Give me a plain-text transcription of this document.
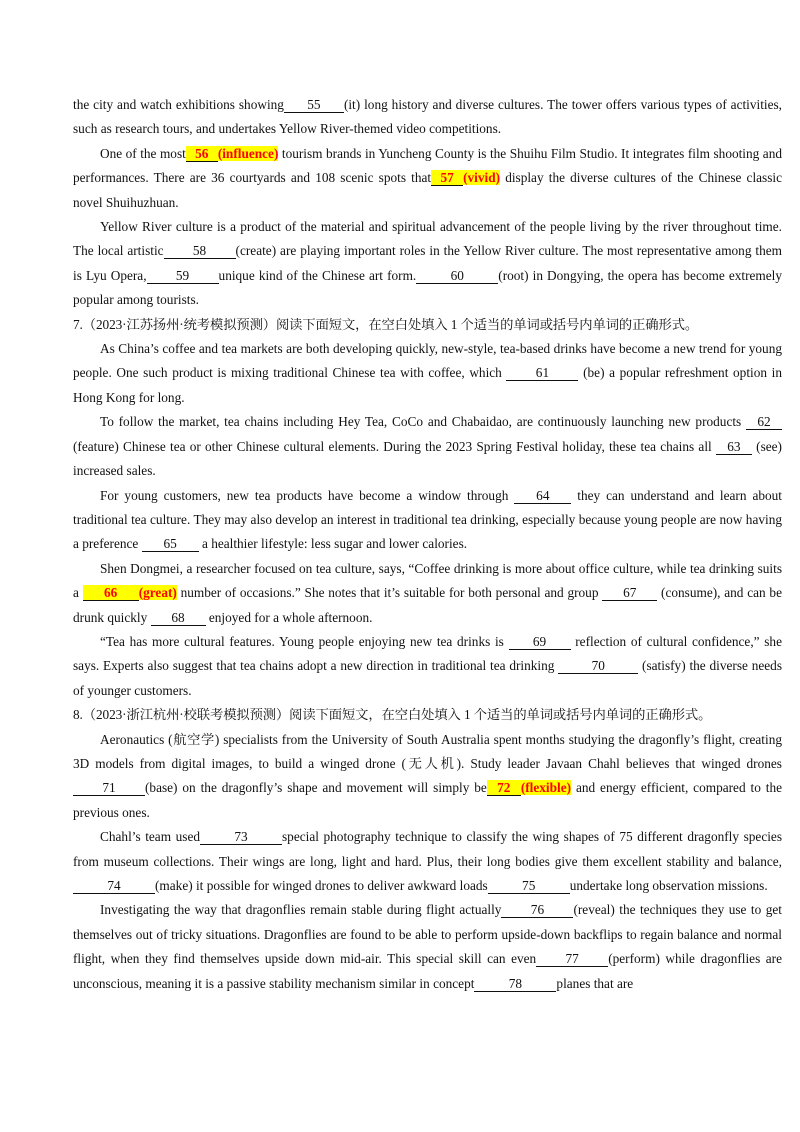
the city and watch exhibitions showing 55 (it) long history and diverse cultures. The tower offers various types of activities, such as research tours, and undertakes Yellow River-themed video competitions.

One of the most 56 (influence) tourism brands in Yuncheng County is the Shuihu Film Studio. It integrates film shooting and performances. There are 36 courtyards and 108 scenic spots that 57 (vivid) display the diverse cultures of the Chinese classic novel Shuihuzhuan.

Yellow River culture is a product of the material and spiritual advancement of the people living by the river throughout time. The local artistic 58 (create) are playing important roles in the Yellow River culture. The most representative among them is Lyu Opera, 59 unique kind of the Chinese art form.	60	(root) in Dongying, the opera has become extremely popular among tourists.

7.（2023·江苏扬州·统考模拟预测）阅读下面短文，在空白处填入 1 个适当的单词或括号内单词的正确形式。

As China’s coffee and tea markets are both developing quickly, new-style, tea-based drinks have become a new trend for young people. One such product is mixing traditional Chinese tea with coffee, which 61 (be) a popular refreshment option in Hong Kong for long.

To follow the market, tea chains including Hey Tea, CoCo and Chabaidao, are continuously launching new products 62 (feature) Chinese tea or other Chinese cultural elements. During the 2023 Spring Festival holiday, these tea chains all 63 (see) increased sales.

For young customers, new tea products have become a window through 64 they can understand and learn about traditional tea culture. They may also develop an interest in traditional tea drinking, especially because young people are now having a preference 65 a healthier lifestyle: less sugar and lower calories.

Shen Dongmei, a researcher focused on tea culture, says, “Coffee drinking is more about office culture, while tea drinking suits a 66 (great) number of occasions.” She notes that it’s suitable for both personal and group 67 (consume), and can be drunk quickly 68 enjoyed for a whole afternoon.

“Tea has more cultural features. Young people enjoying new tea drinks is 69 reflection of cultural confidence,” she says. Experts also suggest that tea chains adopt a new direction in traditional tea drinking	70	(satisfy) the diverse needs of younger customers.

8.（2023·浙江杭州·校联考模拟预测）阅读下面短文，在空白处填入 1 个适当的单词或括号内单词的正确形式。

Aeronautics (航空学) specialists from the University of South Australia spent months studying the dragonfly’s flight, creating 3D models from digital images, to build a winged drone (无人机). Study leader Javaan Chahl believes that winged drones71 (base) on the dragonfly’s shape and movement will simply be 72 (flexible) and energy efficient, compared to the previous ones.

Chahl’s team used	73	special photography technique to classify the wing shapes of 75 different dragonfly species from museum collections. Their wings are long, light and hard. Plus, their long bodies give them excellent stability and balance,74	(make) it possible for winged drones to deliver awkward loads	75	undertake long observation missions.

Investigating the way that dragonflies remain stable during flight actually 76 (reveal) the techniques they use to get themselves out of tricky situations. Dragonflies are found to be able to perform upside-down backflips to regain balance and normal flight, when they find themselves upside down mid-air. This special skill can even 77 (perform) while dragonflies are unconscious, meaning it is a passive stability mechanism similar in concept	78	planes that are
